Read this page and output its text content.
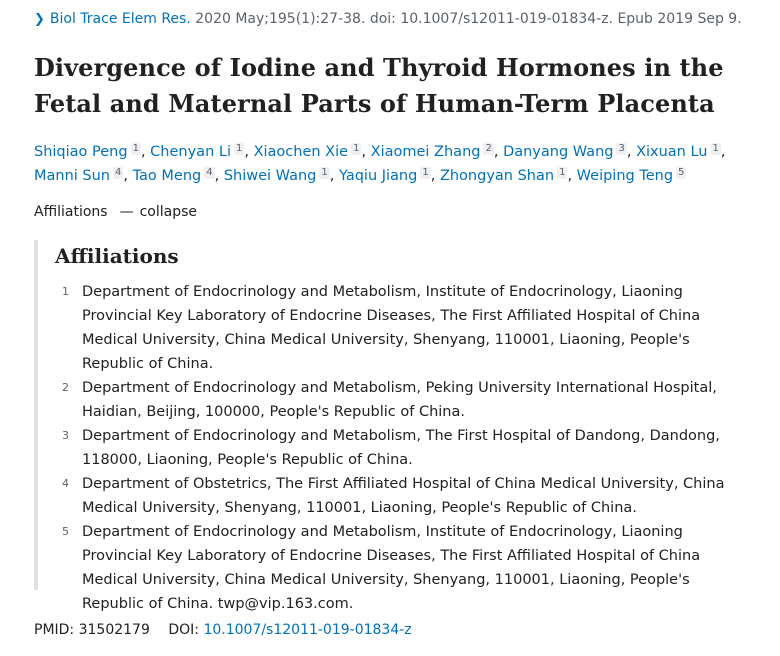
❯ Biol Trace Elem Res. 2020 May;195(1):27-38. doi: 10.1007/s12011-019-01834-z. Epub 2019 Sep 9.
Divergence of Iodine and Thyroid Hormones in the Fetal and Maternal Parts of Human-Term Placenta
Shiqiao Peng $^1$ , Chenyan Li $^1$ , Xiaochen Xie $^1$ , Xiaomei Zhang $^2$ , Danyang Wang $^3$ , Xixuan Lu $^1$ , Manni Sun $^4$ , Tao Meng $^4$ , Shiwei Wang $^1$ , Yaqiu Jiang $^1$ , Zhongyan Shan $^1$ , Weiping Teng $^5$
Affiliations — collapse
Affiliations
1 Department of Endocrinology and Metabolism, Institute of Endocrinology, Liaoning Provincial Key Laboratory of Endocrine Diseases, The First Affiliated Hospital of China Medical University, China Medical University, Shenyang, 110001, Liaoning, People's Republic of China.
2 Department of Endocrinology and Metabolism, Peking University International Hospital, Haidian, Beijing, 100000, People's Republic of China.
3 Department of Endocrinology and Metabolism, The First Hospital of Dandong, Dandong, 118000, Liaoning, People's Republic of China.
4 Department of Obstetrics, The First Affiliated Hospital of China Medical University, China Medical University, Shenyang, 110001, Liaoning, People's Republic of China.
5 Department of Endocrinology and Metabolism, Institute of Endocrinology, Liaoning Provincial Key Laboratory of Endocrine Diseases, The First Affiliated Hospital of China Medical University, China Medical University, Shenyang, 110001, Liaoning, People's Republic of China. twp@vip.163.com.
PMID: 31502179 DOI: 10.1007/s12011-019-01834-z
